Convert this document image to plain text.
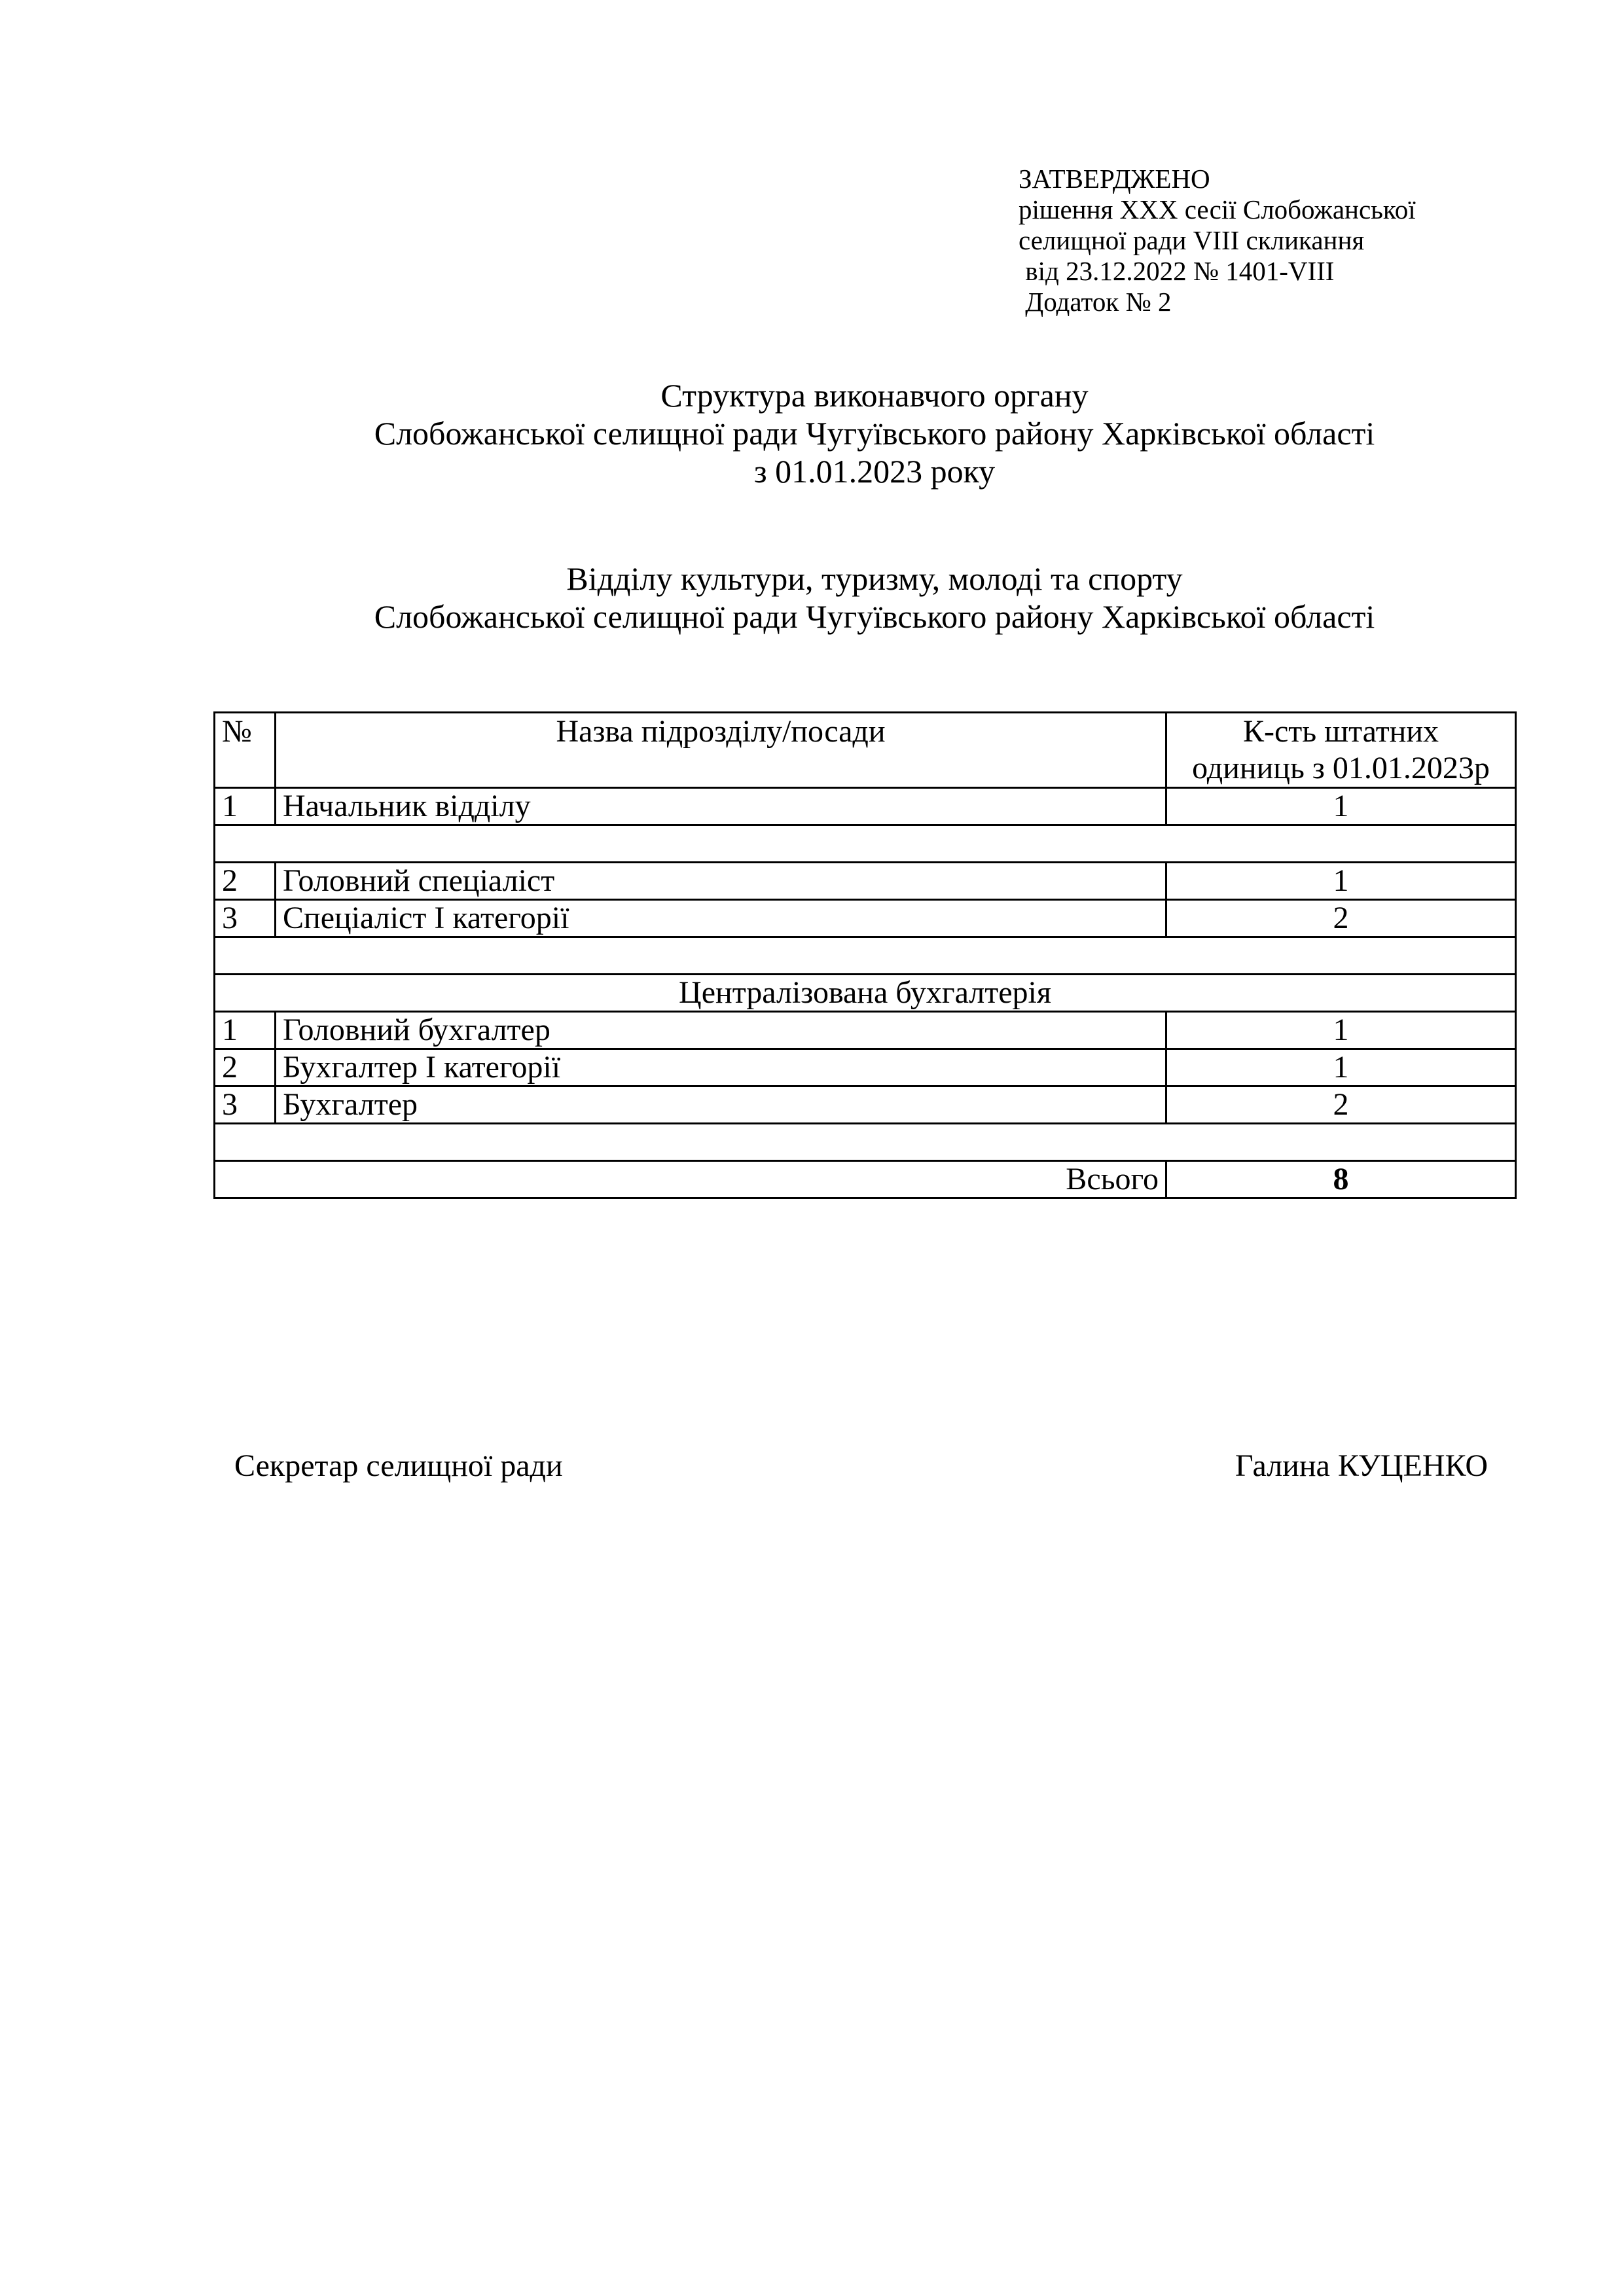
ЗАТВЕРДЖЕНО
рішення XXX сесії Слобожанської
селищної ради VIII скликання
від 23.12.2022 № 1401-VIII
Додаток № 2
Структура виконавчого органу
Слобожанської селищної ради Чугуївського району Харківської області
з 01.01.2023 року
Відділу культури, туризму, молоді та спорту
Слобожанської селищної ради Чугуївського району Харківської області
№	Назва підрозділу/посади	К-сть штатних
одиниць з 01.01.2023р

1	Начальник відділу	1

2	Головний спеціаліст	1
3	Спеціаліст I категорії	2

Централізована бухгалтерія		
1	Головний бухгалтер	1
2	Бухгалтер I категорії	1
3	Бухгалтер	2

Всього		8
Секретар селищної ради	Галина КУЦЕНКО
